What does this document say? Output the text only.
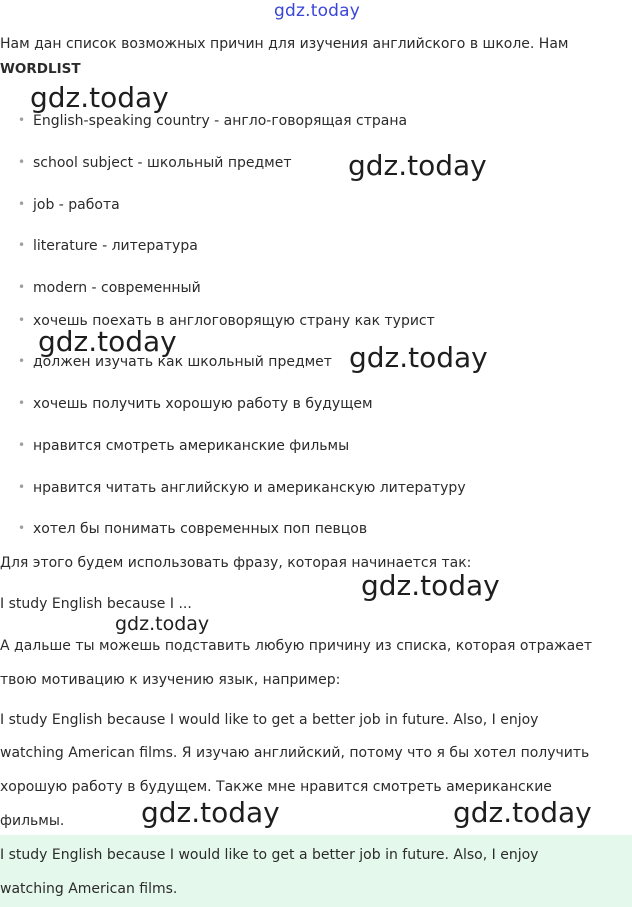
gdz.today
gdz.today
gdz.today
gdz.today	gdz.today
gdz.today
gdz.today
gdz.today	gdz.today
Нам дан список возможных причин для изучения английского в школе. Нам
WORDLIST
English-speaking country - англо-говорящая страна
school subject - школьный предмет
job - работа
literature - литература
modern - современный
хочешь поехать в англоговорящую страну как турист
должен изучать как школьный предмет
хочешь получить хорошую работу в будущем
нравится смотреть американские фильмы
нравится читать английскую и американскую литературу
хотел бы понимать современных поп певцов
Для этого будем использовать фразу, которая начинается так:
I study English because I ...
А дальше ты можешь подставить любую причину из списка, которая отражает
твою мотивацию к изучению язык, например:
I study English because I would like to get a better job in future. Also, I enjoy
watching American films. Я изучаю английский, потому что я бы хотел получить
хорошую работу в будущем. Также мне нравится смотреть американские
фильмы.
I study English because I would like to get a better job in future. Also, I enjoy
watching American films.
